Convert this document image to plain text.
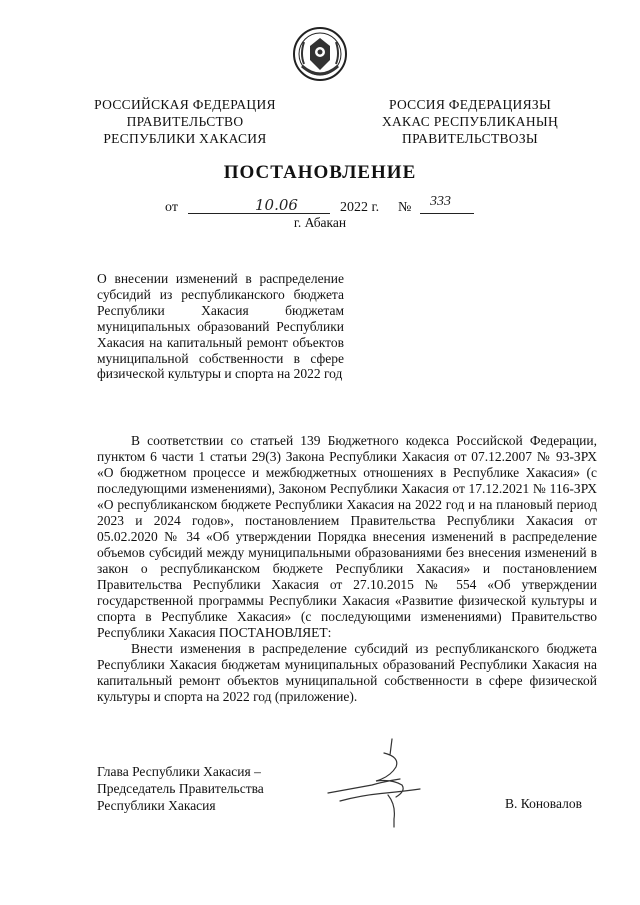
РОССИЙСКАЯ ФЕДЕРАЦИЯ
ПРАВИТЕЛЬСТВО
РЕСПУБЛИКИ ХАКАСИЯ
РОССИЯ ФЕДЕРАЦИЯЗЫ
ХАКАС РЕСПУБЛИКАНЫҢ
ПРАВИТЕЛЬСТВОЗЫ
ПОСТАНОВЛЕНИЕ
от	10.06	2022 г. № 333
г. Абакан
О внесении изменений в распределение субсидий из республиканского бюджета Республики Хакасия бюджетам муниципальных образований Республики Хакасия на капитальный ремонт объектов муниципальной собственности в сфере физической культуры и спорта на 2022 год

В соответствии со статьей 139 Бюджетного кодекса Российской Федерации, пунктом 6 части 1 статьи 29(3) Закона Республики Хакасия от 07.12.2007 № 93-ЗРХ «О бюджетном процессе и межбюджетных отношениях в Республике Хакасия» (с последующими изменениями), Законом Республики Хакасия от 17.12.2021 № 116-ЗРХ «О республиканском бюджете Республики Хакасия на 2022 год и на плановый период 2023 и 2024 годов», постановлением Правительства Республики Хакасия от 05.02.2020 № 34 «Об утверждении Порядка внесения изменений в распределение объемов субсидий между муниципальными образованиями без внесения изменений в закон о республиканском бюджете Республики Хакасия» и постановлением Правительства Республики Хакасия от 27.10.2015 № 554 «Об утверждении государственной программы Республики Хакасия «Развитие физической культуры и спорта в Республике Хакасия» (с последующими изменениями) Правительство Республики Хакасия ПОСТАНОВЛЯЕТ:

Внести изменения в распределение субсидий из республиканского бюджета Республики Хакасия бюджетам муниципальных образований Республики Хакасия на капитальный ремонт объектов муниципальной собственности в сфере физической культуры и спорта на 2022 год (приложение).

Глава Республики Хакасия –
Председатель Правительства
Республики Хакасия	В. Коновалов
